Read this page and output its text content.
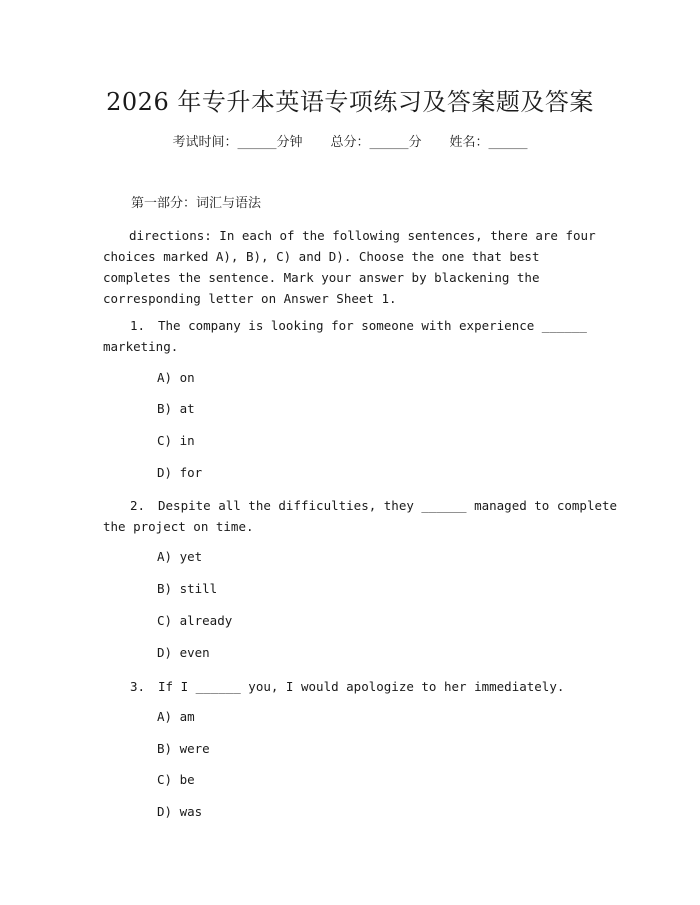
2026 年专升本英语专项练习及答案题及答案
考试时间：______分钟 总分：______分 姓名：______
第一部分：词汇与语法
directions: In each of the following sentences, there are four choices marked A), B), C) and D). Choose the one that best completes the sentence. Mark your answer by blackening the corresponding letter on Answer Sheet 1.
1. The company is looking for someone with experience ______
marketing.
A) on
B) at
C) in
D) for
2. Despite all the difficulties, they ______ managed to complete
the project on time.
A) yet
B) still
C) already
D) even
3. If I ______ you, I would apologize to her immediately.
A) am
B) were
C) be
D) was
